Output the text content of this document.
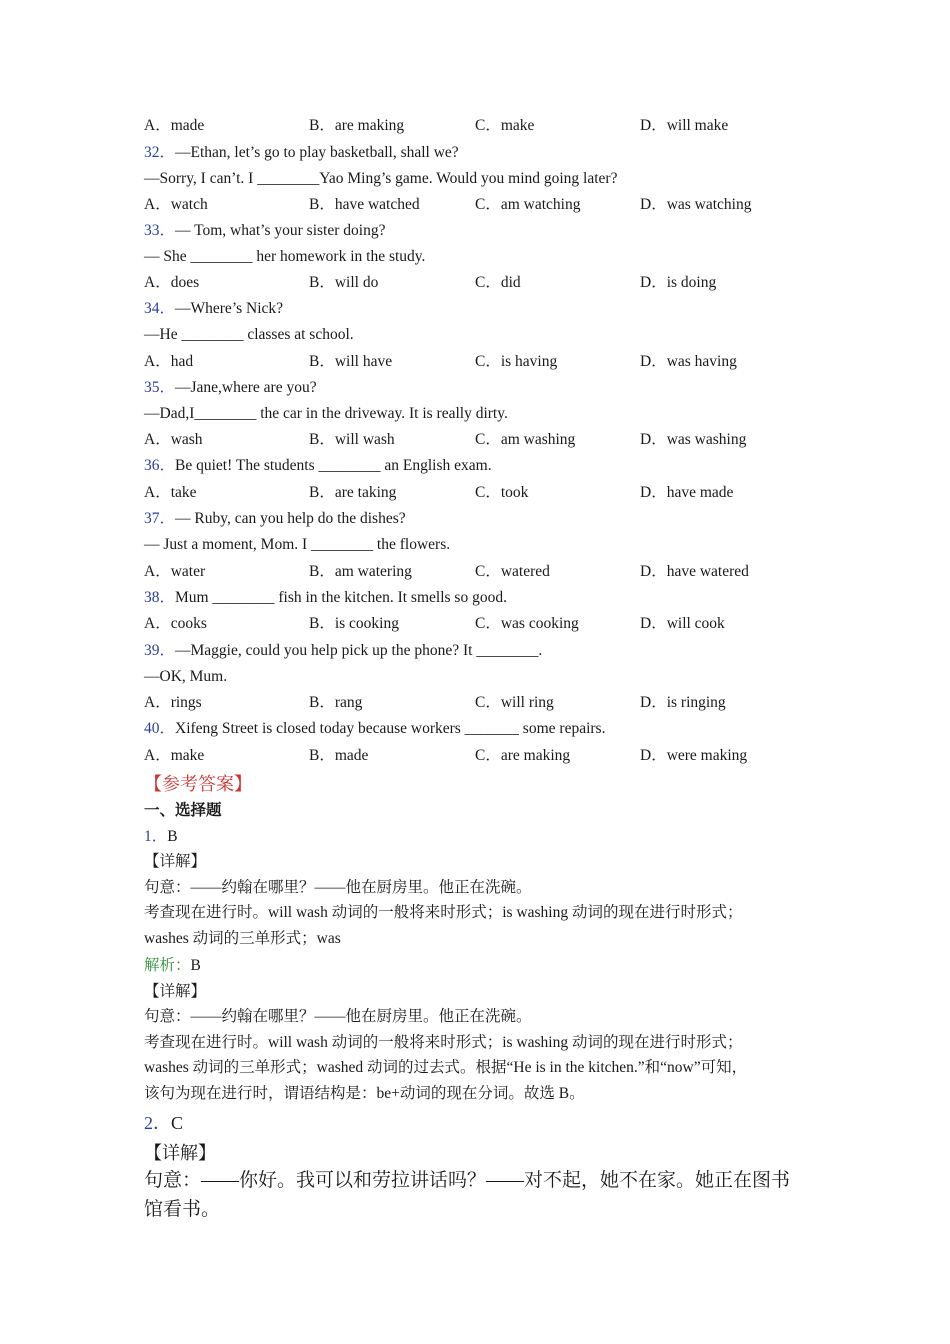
A．made	B．are making	C．make	D．will make
32．—Ethan, let’s go to play basketball, shall we?
—Sorry, I can’t. I ________Yao Ming’s game. Would you mind going later?
A．watch	B．have watched	C．am watching	D．was watching
33．— Tom, what’s your sister doing?
— She ________ her homework in the study.
A．does	B．will do	C．did	D．is doing
34．—Where’s Nick?
—He ________ classes at school.
A．had	B．will have	C．is having	D．was having
35．—Jane,where are you?
—Dad,I________ the car in the driveway. It is really dirty.
A．wash	B．will wash	C．am washing	D．was washing
36．Be quiet! The students ________ an English exam.
A．take	B．are taking	C．took	D．have made
37．— Ruby, can you help do the dishes?
— Just a moment, Mom. I ________ the flowers.
A．water	B．am watering	C．watered	D．have watered
38．Mum ________ fish in the kitchen. It smells so good.
A．cooks	B．is cooking	C．was cooking	D．will cook
39．—Maggie, could you help pick up the phone? It ________.
—OK, Mum.
A．rings	B．rang	C．will ring	D．is ringing
40．Xifeng Street is closed today because workers _______ some repairs.
A．make	B．made	C．are making	D．were making
【参考答案】
一、选择题
1．B
【详解】
句意：——约翰在哪里？——他在厨房里。他正在洗碗。
考查现在进行时。will wash 动词的一般将来时形式；is washing 动词的现在进行时形式；
washes 动词的三单形式；was
解析：B
【详解】
句意：——约翰在哪里？——他在厨房里。他正在洗碗。
考查现在进行时。will wash 动词的一般将来时形式；is washing 动词的现在进行时形式；
washes 动词的三单形式；washed 动词的过去式。根据“He is in the kitchen.”和“now”可知，
该句为现在进行时，谓语结构是：be+动词的现在分词。故选 B。
2．C
【详解】
句意：——你好。我可以和劳拉讲话吗？——对不起，她不在家。她正在图书
馆看书。
